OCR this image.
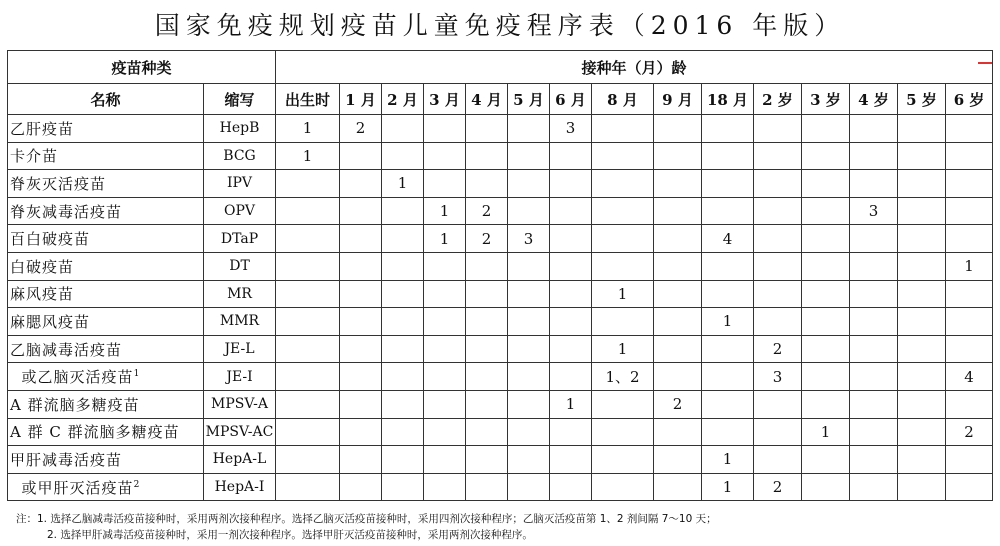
国家免疫规划疫苗儿童免疫程序表（2016 年版）
疫苗种类		接种年（月）龄														
名称	缩写	出生时	1 月	2 月	3 月	4 月	5 月	6 月	8 月	9 月	18 月	2 岁	3 岁	4 岁	5 岁	6 岁
乙肝疫苗	HepB	1	2					3								
卡介苗	BCG	1														
脊灰灭活疫苗	IPV			1												
脊灰减毒活疫苗	OPV				1	2								3		
百白破疫苗	DTaP				1	2	3				4					
白破疫苗	DT															1
麻风疫苗	MR								1							
麻腮风疫苗	MMR										1					
乙脑减毒活疫苗	JE-L								1			2				
或乙脑灭活疫苗$^1$	JE-I								1、2			3				4
A 群流脑多糖疫苗	MPSV-A							1		2						
A 群 C 群流脑多糖疫苗	MPSV-AC												1			2
甲肝减毒活疫苗	HepA-L										1					
或甲肝灭活疫苗$^2$	HepA-I										1	2				
注：1. 选择乙脑减毒活疫苗接种时，采用两剂次接种程序。选择乙脑灭活疫苗接种时，采用四剂次接种程序；乙脑灭活疫苗第 1、2 剂间隔 7～10 天；
2. 选择甲肝减毒活疫苗接种时，采用一剂次接种程序。选择甲肝灭活疫苗接种时，采用两剂次接种程序。
